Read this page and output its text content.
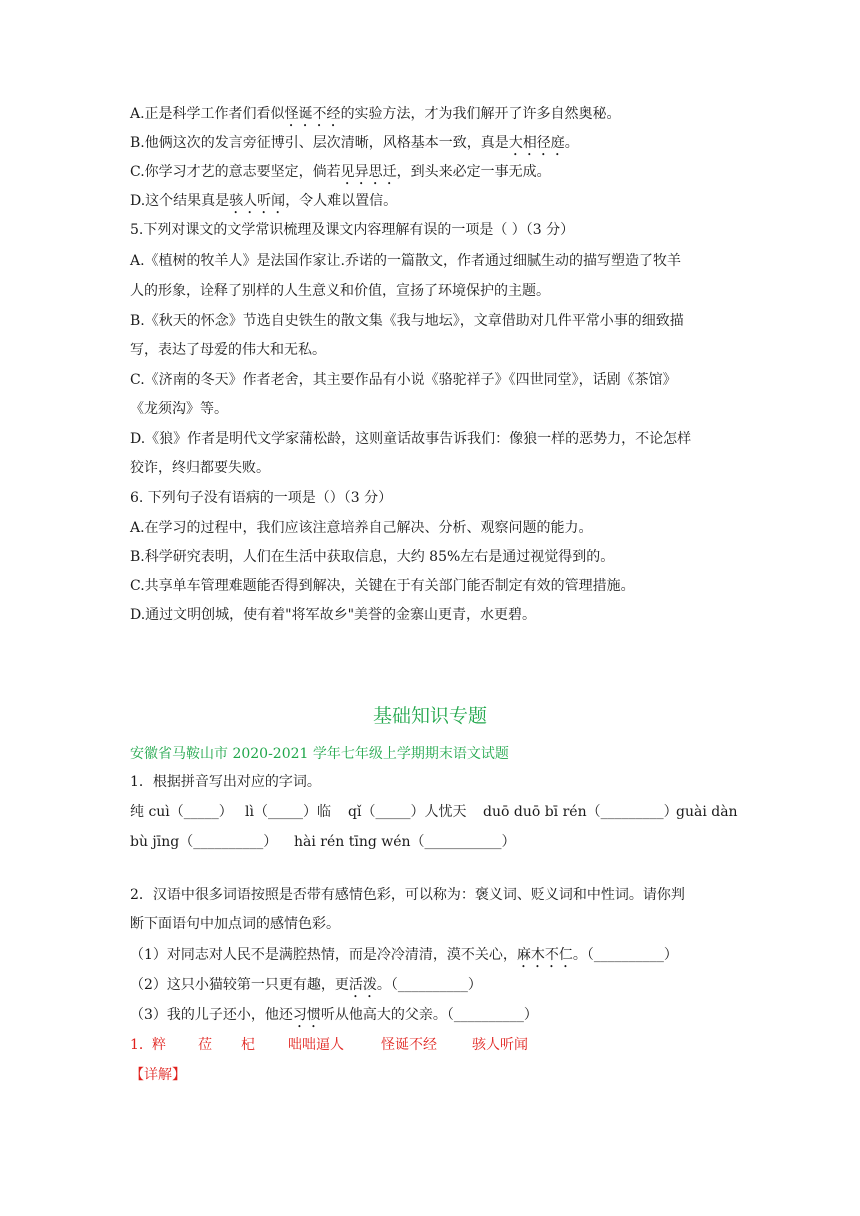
A.正是科学工作者们看似怪诞不经的实验方法，才为我们解开了许多自然奥秘。
B.他俩这次的发言旁征博引、层次清晰，风格基本一致，真是大相径庭。
C.你学习才艺的意志要坚定，倘若见异思迁，到头来必定一事无成。
D.这个结果真是骇人听闻，令人难以置信。
5.下列对课文的文学常识梳理及课文内容理解有误的一项是（ ）（3 分）
A.《植树的牧羊人》是法国作家让.乔诺的一篇散文，作者通过细腻生动的描写塑造了牧羊
人的形象，诠释了别样的人生意义和价值，宣扬了环境保护的主题。
B.《秋天的怀念》节选自史铁生的散文集《我与地坛》，文章借助对几件平常小事的细致描
写，表达了母爱的伟大和无私。
C.《济南的冬天》作者老舍，其主要作品有小说《骆驼祥子》《四世同堂》，话剧《茶馆》
《龙须沟》等。
D.《狼》作者是明代文学家蒲松龄，这则童话故事告诉我们：像狼一样的恶势力，不论怎样
狡诈，终归都要失败。
6. 下列句子没有语病的一项是（）（3 分）
A.在学习的过程中，我们应该注意培养自己解决、分析、观察问题的能力。
B.科学研究表明，人们在生活中获取信息，大约 85%左右是通过视觉得到的。
C.共享单车管理难题能否得到解决，关键在于有关部门能否制定有效的管理措施。
D.通过文明创城，使有着"将军故乡"美誉的金寨山更青，水更碧。
基础知识专题
安徽省马鞍山市 2020-2021 学年七年级上学期期末语文试题
1．根据拼音写出对应的字词。
纯 cuì（_____） lì（_____）临 qǐ（_____）人忧天 duō duō bī rén（_________）guài dàn
bù jīng（__________） hài rén tīng wén（___________）
2．汉语中很多词语按照是否带有感情色彩，可以称为：褒义词、贬义词和中性词。请你判
断下面语句中加点词的感情色彩。
（1）对同志对人民不是满腔热情，而是冷冷清清，漠不关心，麻木不仁。（__________）
（2）这只小猫较第一只更有趣，更活泼。（__________）
（3）我的儿子还小，他还习惯听从他高大的父亲。（__________）
1．粹 莅 杞 咄咄逼人	怪诞不经	骇人听闻
【详解】
